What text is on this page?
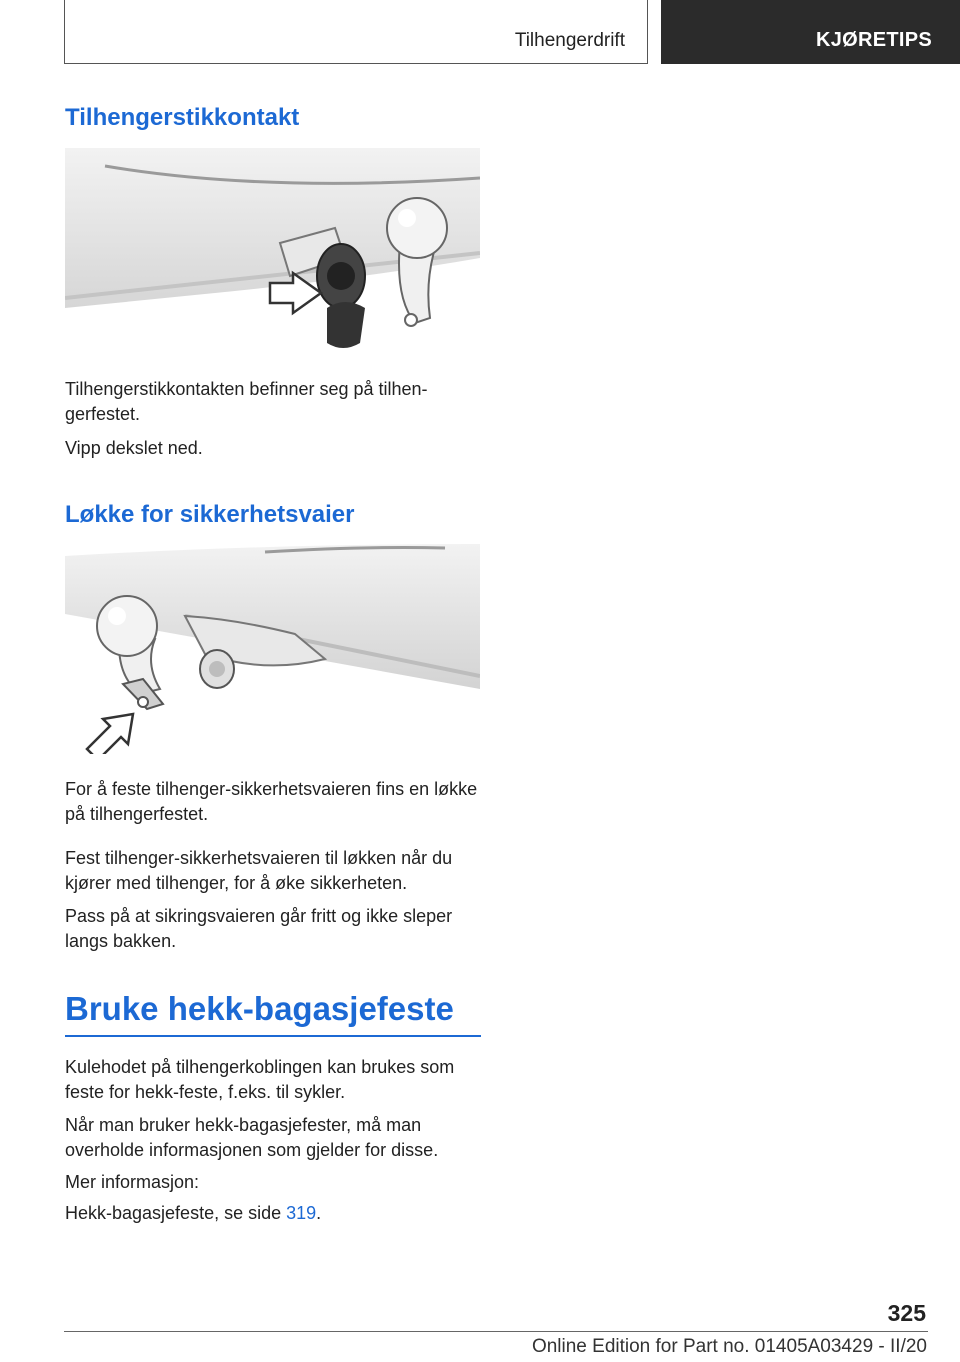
Tilhengerdrift	KJØRETIPS
Tilhengerstikkontakt

Tilhengerstikkontakten befinner seg på tilhen-gerfestet.

Vipp dekslet ned.

Løkke for sikkerhetsvaier

For å feste tilhenger-sikkerhetsvaieren fins en løkke på tilhengerfestet.

Fest tilhenger-sikkerhetsvaieren til løkken når du kjører med tilhenger, for å øke sikkerheten.

Pass på at sikringsvaieren går fritt og ikke sleper langs bakken.

Bruke hekk-bagasjefeste

Kulehodet på tilhengerkoblingen kan brukes som feste for hekk-feste, f.eks. til sykler.

Når man bruker hekk-bagasjefester, må man overholde informasjonen som gjelder for disse.

Mer informasjon:

Hekk-bagasjefeste, se side 319.

325
Online Edition for Part no. 01405A03429 - II/20
